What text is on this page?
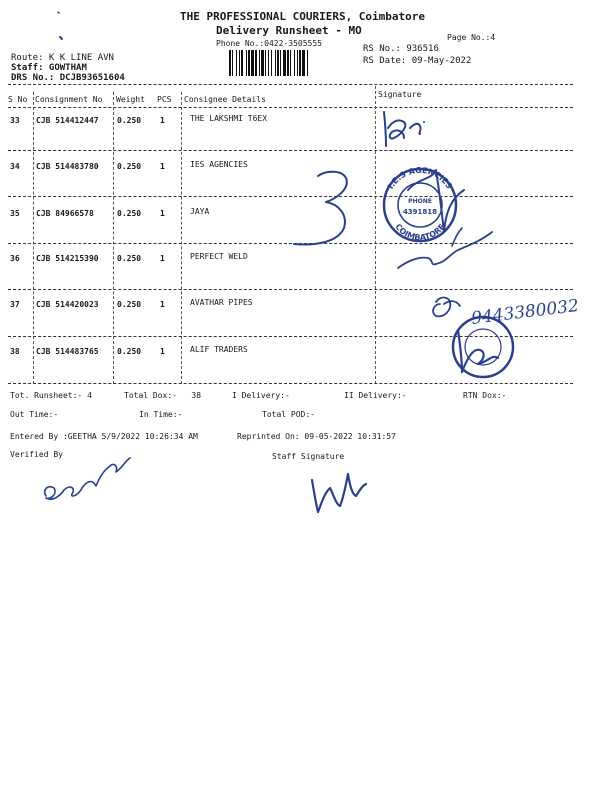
THE PROFESSIONAL COURIERS, Coimbatore
Delivery Runsheet - MO
Phone No.:0422-3505555
Page No.:4
Route: K K LINE AVN
Staff: GOWTHAM
DRS No.: DCJB93651604
RS No.: 936516
RS Date: 09-May-2022
S No Consignment No Weight PCS Consignee Details
Signature
33 CJB 514412447 0.250 1	THE LAKSHMI T6EX
34 CJB 514483780 0.250 1	IES AGENCIES
35 CJB 84966578	0.250 1	JAYA
36 CJB 514215390 0.250 1	PERFECT WELD
37 CJB 514420023 0.250 1	AVATHAR PIPES
38 CJB 514483765 0.250 1	ALIF TRADERS
Tot. Runsheet:- 4	Total Dox:-   38	I Delivery:-	II Delivery:-	RTN Dox:-
Out Time:-	In Time:-	Total POD:-
Entered By :GEETHA 5/9/2022 10:26:34 AM	Reprinted On: 09-05-2022 10:31:57
Verified By	Staff Signature
9443380032
I.E.S AGENCIES
COIMBATORE
PHONE
4391818
